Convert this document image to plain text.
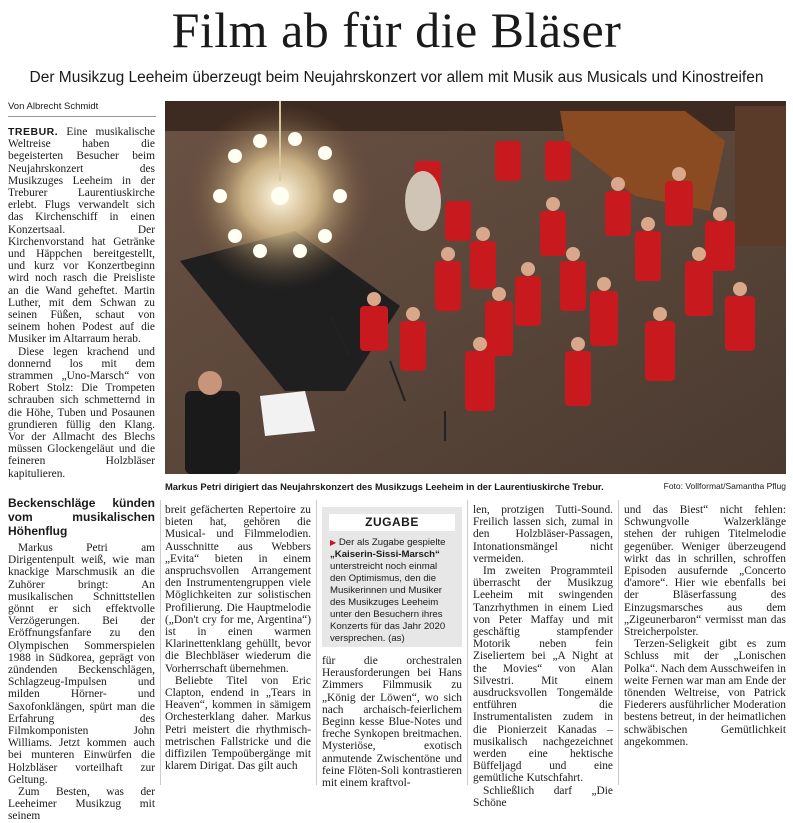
Film ab für die Bläser
Der Musikzug Leeheim überzeugt beim Neujahrskonzert vor allem mit Musik aus Musicals und Kinostreifen
Von Albrecht Schmidt

TREBUR. Eine musikalische Weltreise haben die begeisterten Besucher beim Neujahrskonzert des Musikzuges Leeheim in der Treburer Laurentiuskirche erlebt. Flugs verwandelt sich das Kirchenschiff in einen Konzertsaal. Der Kirchenvorstand hat Getränke und Häppchen bereitgestellt, und kurz vor Konzertbeginn wird noch rasch die Preisliste an die Wand geheftet. Martin Luther, mit dem Schwan zu seinen Füßen, schaut von seinem hohen Podest auf die Musiker im Altarraum herab.

Diese legen krachend und donnernd los mit dem strammen „Uno-Marsch“ von Robert Stolz: Die Trompeten schrauben sich schmetternd in die Höhe, Tuben und Posaunen grundieren füllig den Klang. Vor der Allmacht des Blechs müssen Glockengeläut und die feineren Holzbläser kapitulieren.

Markus Petri dirigiert das Neujahrskonzert des Musikzugs Leeheim in der Laurentiuskirche Trebur.	Foto: Vollformat/Samantha Pflug
Beckenschläge künden vom musikalischen Höhenflug

Markus Petri am Dirigentenpult weiß, wie man knackige Marschmusik an die Zuhörer bringt: An musikalischen Schnittstellen gönnt er sich effektvolle Verzögerungen. Bei der Eröffnungsfanfare zu den Olympischen Sommerspielen 1988 in Südkorea, geprägt von zündenden Beckenschlägen, Schlagzeug-Impulsen und milden Hörner- und Saxofonklängen, spürt man die Erfahrung des Filmkomponisten John Williams. Jetzt kommen auch bei munteren Einwürfen die Holzbläser vorteilhaft zur Geltung.

Zum Besten, was der Leeheimer Musikzug mit seinem

breit gefächerten Repertoire zu bieten hat, gehören die Musical- und Filmmelodien. Ausschnitte aus Webbers „Evita“ bieten in einem anspruchsvollen Arrangement den Instrumentengruppen viele Möglichkeiten zur solistischen Profilierung. Die Hauptmelodie („Don't cry for me, Argentina“) ist in einen warmen Klarinettenklang gehüllt, bevor die Blechbläser wiederum die Vorherrschaft übernehmen.

Beliebte Titel von Eric Clapton, endend in „Tears in Heaven“, kommen in sämigem Orchesterklang daher. Markus Petri meistert die rhythmisch-metrischen Fallstricke und die diffizilen Tempoübergänge mit klarem Dirigat. Das gilt auch

ZUGABE
▶ Der als Zugabe gespielte „Kaiserin-Sissi-Marsch“ unterstreicht noch einmal den Optimismus, den die Musikerinnen und Musiker des Musikzuges Leeheim unter den Besuchern ihres Konzerts für das Jahr 2020 versprechen. (as)

für die orchestralen Herausforderungen bei Hans Zimmers Filmmusik zu „König der Löwen“, wo sich nach archaisch-feierlichem Beginn kesse Blue-Notes und freche Synkopen breitmachen. Mysteriöse, exotisch anmutende Zwischentöne und feine Flöten-Soli kontrastieren mit einem kraftvol-

len, protzigen Tutti-Sound. Freilich lassen sich, zumal in den Holzbläser-Passagen, Intonationsmängel nicht vermeiden.

Im zweiten Programmteil überrascht der Musikzug Leeheim mit swingenden Tanzrhythmen in einem Lied von Peter Maffay und mit geschäftig stampfender Motorik neben fein Ziseliertem bei „A Night at the Movies“ von Alan Silvestri. Mit einem ausdrucksvollen Tongemälde entführen die Instrumentalisten zudem in die Pionierzeit Kanadas – musikalisch nachgezeichnet werden eine hektische Büffeljagd und eine gemütliche Kutschfahrt.

Schließlich darf „Die Schöne

und das Biest“ nicht fehlen: Schwungvolle Walzerklänge stehen der ruhigen Titelmelodie gegenüber. Weniger überzeugend wirkt das in schrillen, schroffen Episoden ausufernde „Concerto d'amore“. Hier wie ebenfalls bei der Bläserfassung des Einzugsmarsches aus dem „Zigeunerbaron“ vermisst man das Streicherpolster.

Terzen-Seligkeit gibt es zum Schluss mit der „Lonischen Polka“. Nach dem Ausschweifen in weite Fernen war man am Ende der tönenden Weltreise, von Patrick Fiederers ausführlicher Moderation bestens betreut, in der heimatlichen schwäbischen Gemütlichkeit angekommen.
